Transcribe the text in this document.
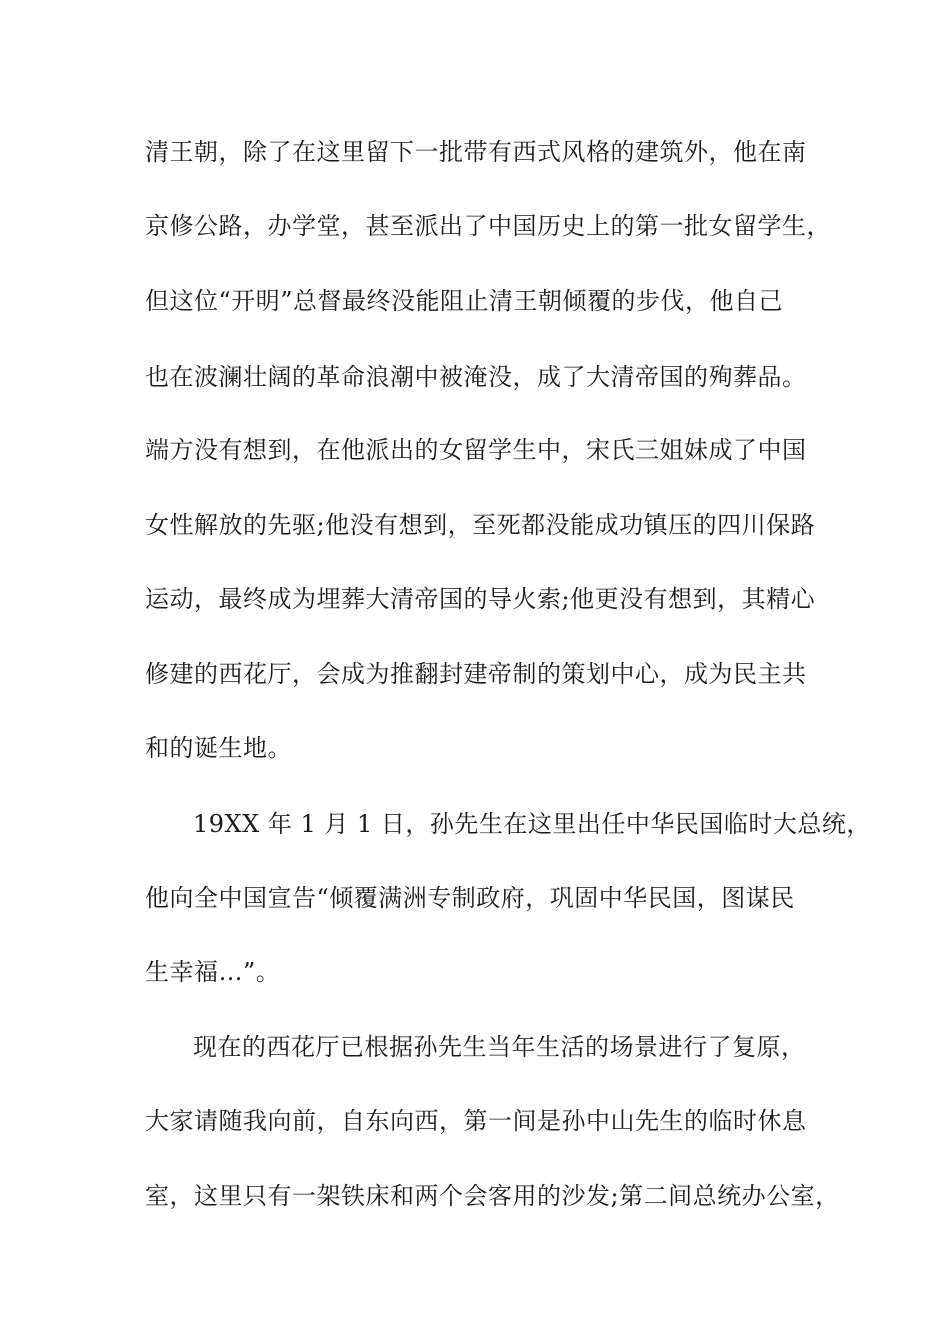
清王朝，除了在这里留下一批带有西式风格的建筑外，他在南
京修公路，办学堂，甚至派出了中国历史上的第一批女留学生，
但这位“开明”总督最终没能阻止清王朝倾覆的步伐，他自己
也在波澜壮阔的革命浪潮中被淹没，成了大清帝国的殉葬品。
端方没有想到，在他派出的女留学生中，宋氏三姐妹成了中国
女性解放的先驱;他没有想到，至死都没能成功镇压的四川保路
运动，最终成为埋葬大清帝国的导火索;他更没有想到，其精心
修建的西花厅，会成为推翻封建帝制的策划中心，成为民主共
和的诞生地。
19XX 年 1 月 1 日，孙先生在这里出任中华民国临时大总统，
他向全中国宣告“倾覆满洲专制政府，巩固中华民国，图谋民
生幸福…”。
现在的西花厅已根据孙先生当年生活的场景进行了复原，
大家请随我向前，自东向西，第一间是孙中山先生的临时休息
室，这里只有一架铁床和两个会客用的沙发;第二间总统办公室，
